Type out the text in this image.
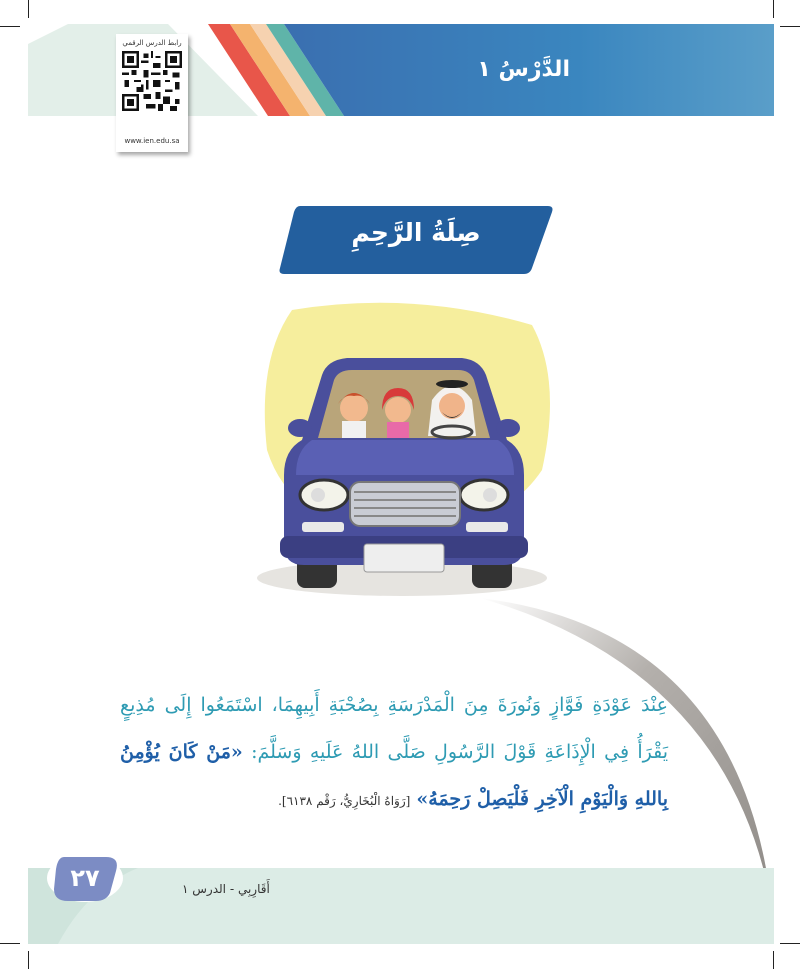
الدَّرْسُ ١
رابط الدرس الرقمي
www.ien.edu.sa
صِلَةُ الرَّحِمِ
عِنْدَ عَوْدَةِ فَوَّازٍ وَنُورَةَ مِنَ الْمَدْرَسَةِ بِصُحْبَةِ أَبِيهِمَا، اسْتَمَعُوا إِلَى مُذِيعٍ يَقْرَأُ فِي الْإِذَاعَةِ قَوْلَ الرَّسُولِ صَلَّى اللهُ عَلَيهِ وَسَلَّمَ: «مَنْ كَانَ يُؤْمِنُ بِاللهِ وَالْيَوْمِ الْآخِرِ فَلْيَصِلْ رَحِمَهُ» [رَوَاهُ الْبُخَارِيُّ، رَقْم ٦١٣٨].
٢٧	أَقَارِبِي - الدرس ١
